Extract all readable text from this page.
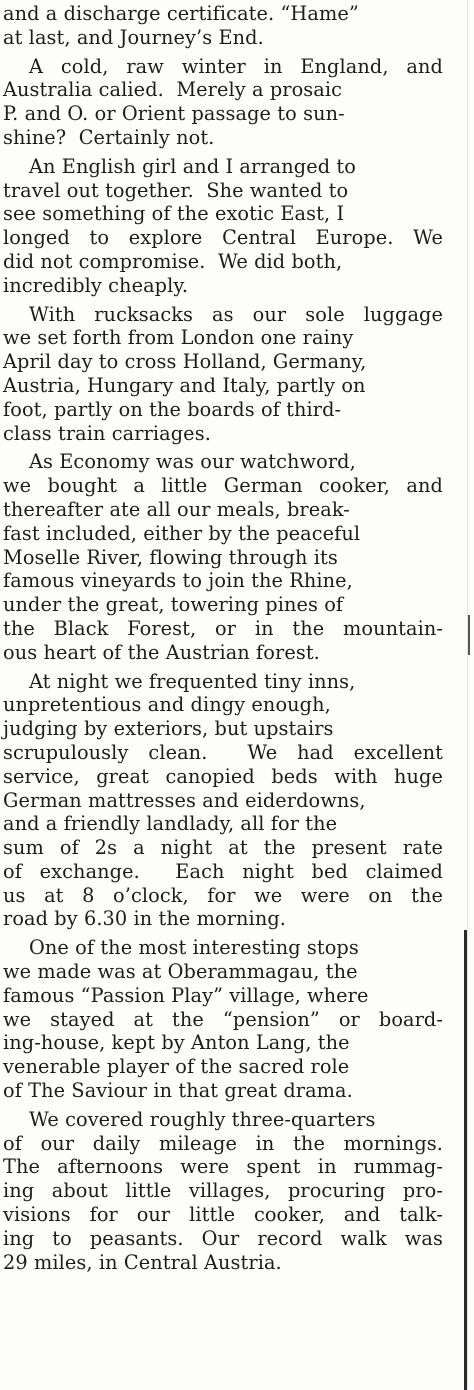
and a discharge certificate. “Hame”
at last, and Journey’s End.
A cold, raw winter in England, and
Australia calied.  Merely a prosaic
P. and O. or Orient passage to sun-
shine?  Certainly not.
An English girl and I arranged to
travel out together.  She wanted to
see something of the exotic East, I
longed to explore Central Europe. We
did not compromise.  We did both,
incredibly cheaply.
With rucksacks as our sole luggage
we set forth from London one rainy
April day to cross Holland, Germany,
Austria, Hungary and Italy, partly on
foot, partly on the boards of third-
class train carriages.
As Economy was our watchword,
we bought a little German cooker, and
thereafter ate all our meals, break-
fast included, either by the peaceful
Moselle River, flowing through its
famous vineyards to join the Rhine,
under the great, towering pines of
the Black Forest, or in the mountain-
ous heart of the Austrian forest.
At night we frequented tiny inns,
unpretentious and dingy enough,
judging by exteriors, but upstairs
scrupulously clean.  We had excellent
service, great canopied beds with huge
German mattresses and eiderdowns,
and a friendly landlady, all for the
sum of 2s a night at the present rate
of exchange.  Each night bed claimed
us at 8 o’clock, for we were on the
road by 6.30 in the morning.
One of the most interesting stops
we made was at Oberammagau, the
famous “Passion Play” village, where
we stayed at the “pension” or board-
ing-house, kept by Anton Lang, the
venerable player of the sacred role
of The Saviour in that great drama.
We covered roughly three-quarters
of our daily mileage in the mornings.
The afternoons were spent in rummag-
ing about little villages, procuring pro-
visions for our little cooker, and talk-
ing to peasants. Our record walk was
29 miles, in Central Austria.
